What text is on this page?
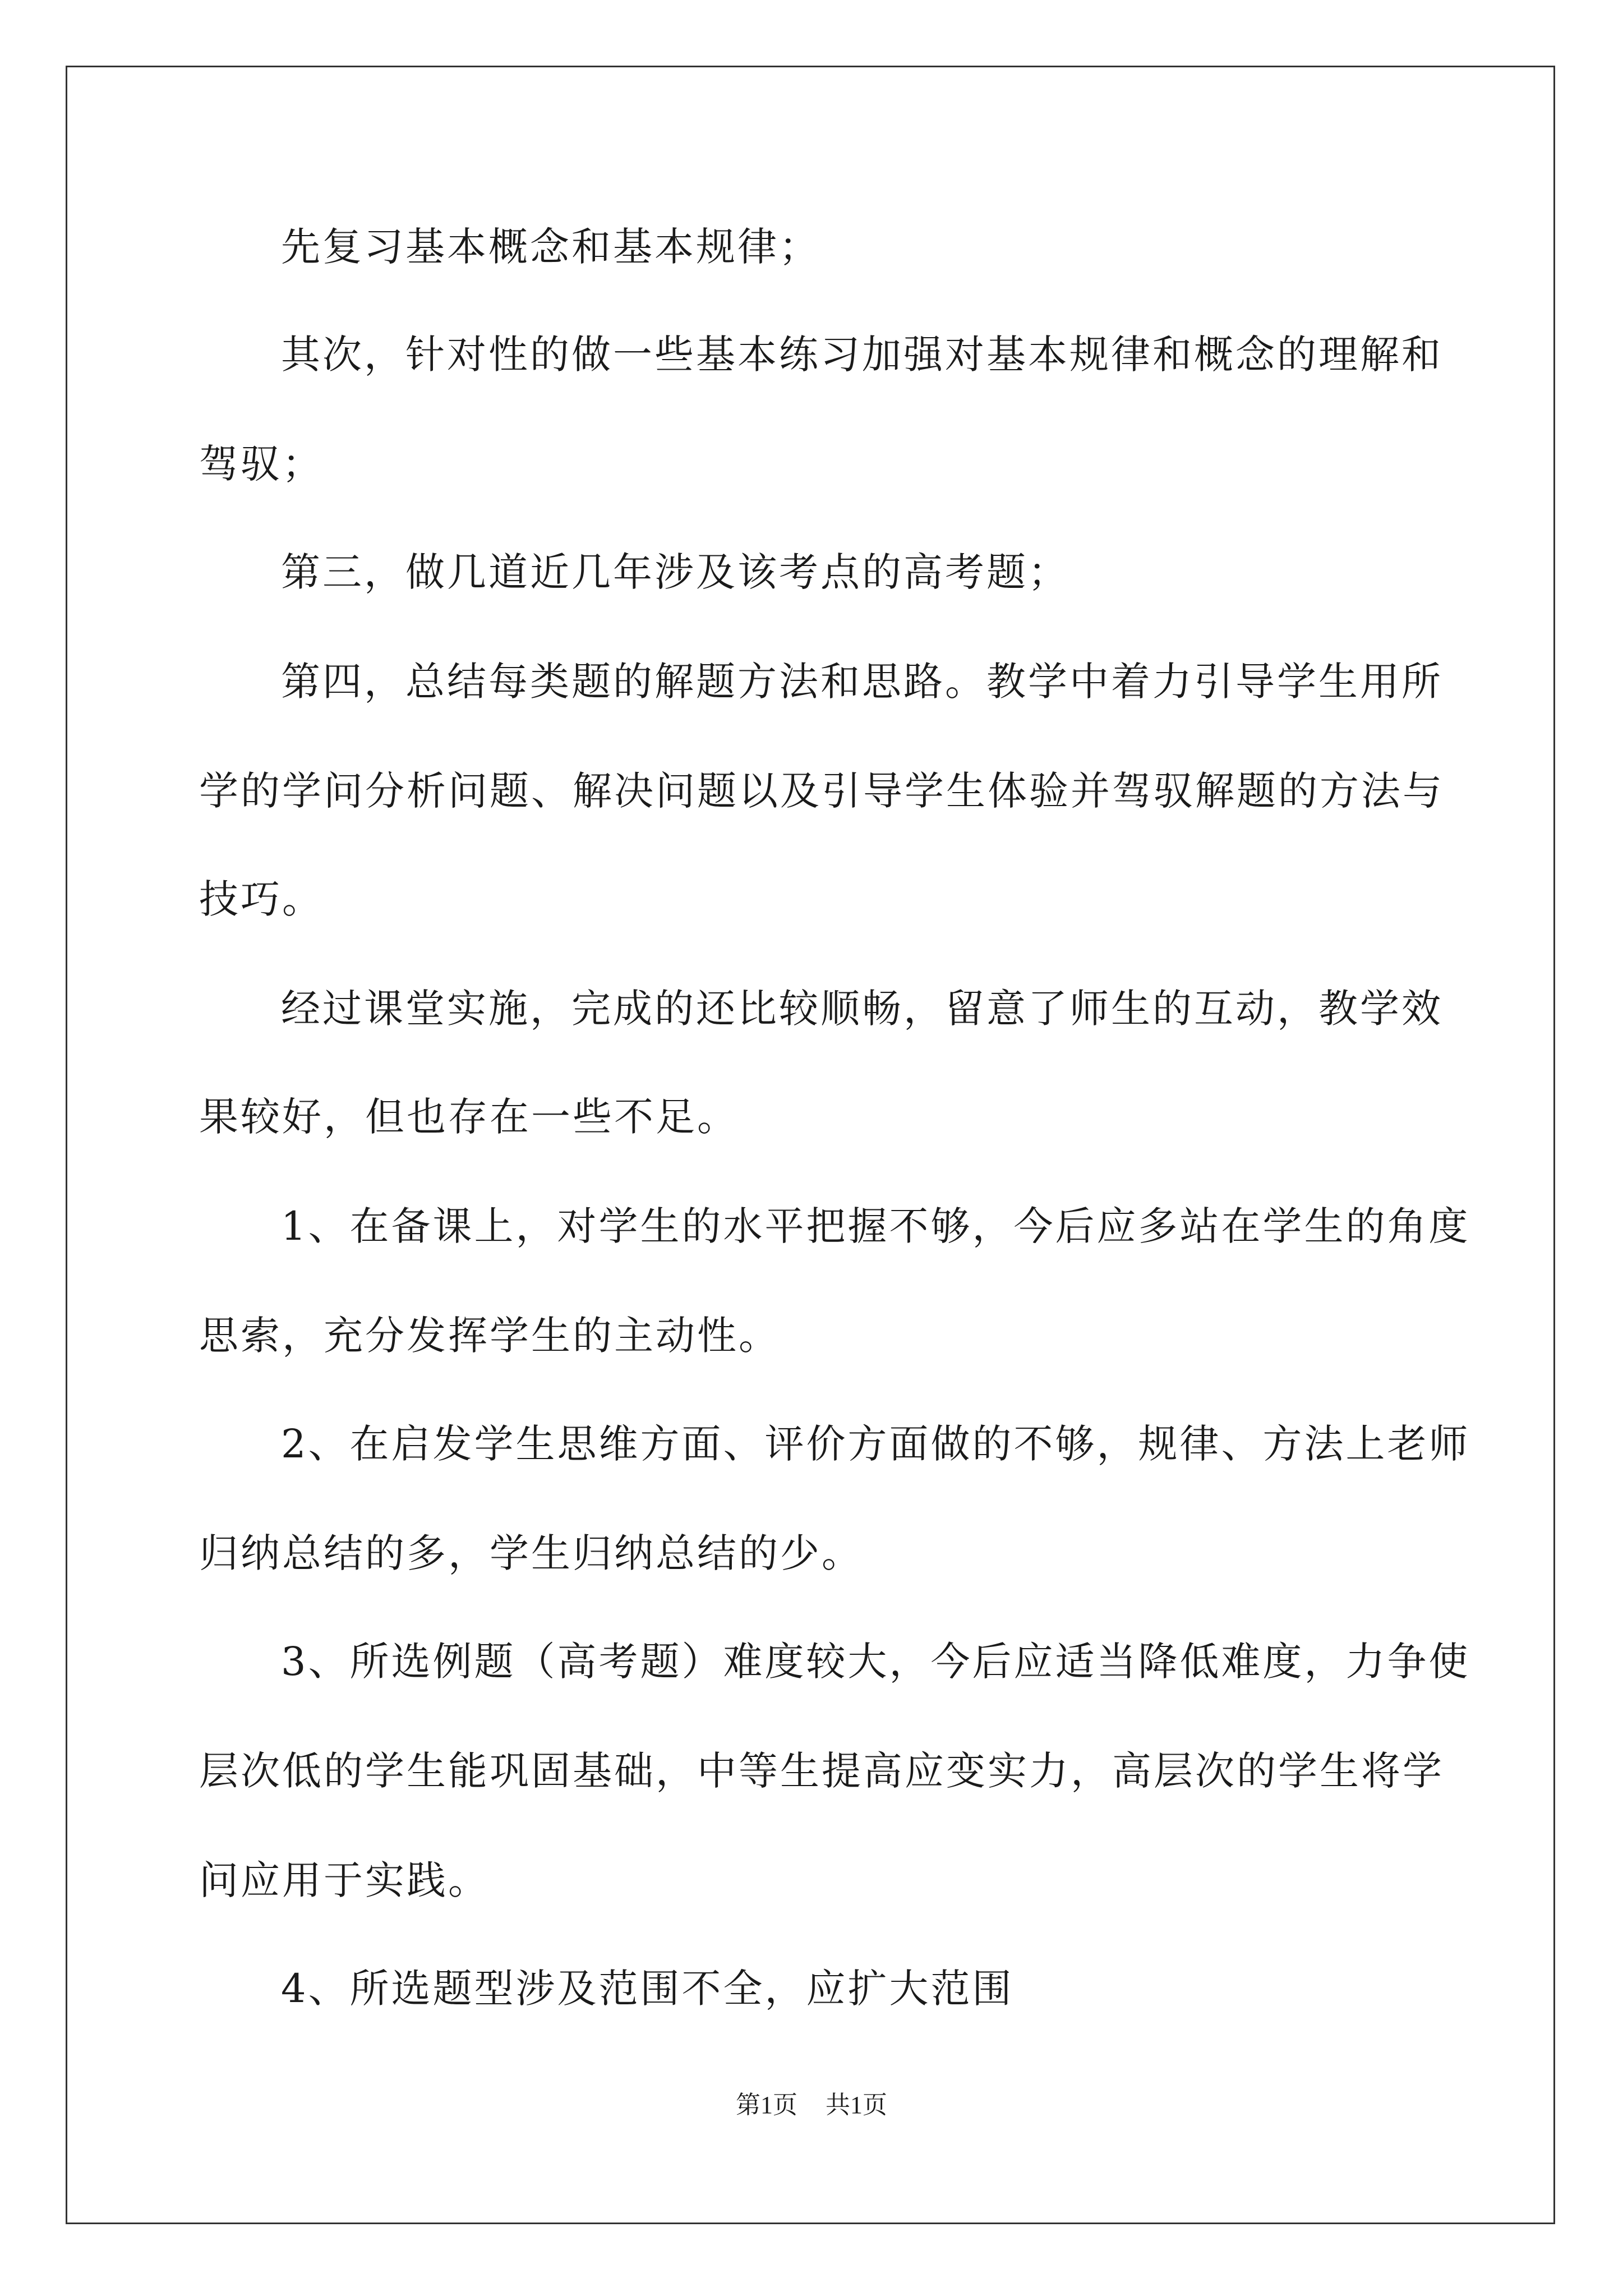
先复习基本概念和基本规律；
其次，针对性的做一些基本练习加强对基本规律和概念的理解和
驾驭；
第三，做几道近几年涉及该考点的高考题；
第四，总结每类题的解题方法和思路。教学中着力引导学生用所
学的学问分析问题、解决问题以及引导学生体验并驾驭解题的方法与
技巧。
经过课堂实施，完成的还比较顺畅，留意了师生的互动，教学效
果较好，但也存在一些不足。
1、在备课上，对学生的水平把握不够，今后应多站在学生的角度
思索，充分发挥学生的主动性。
2、在启发学生思维方面、评价方面做的不够，规律、方法上老师
归纳总结的多，学生归纳总结的少。
3、所选例题（高考题）难度较大，今后应适当降低难度，力争使
层次低的学生能巩固基础，中等生提高应变实力，高层次的学生将学
问应用于实践。
4、所选题型涉及范围不全，应扩大范围
第1页 共1页
